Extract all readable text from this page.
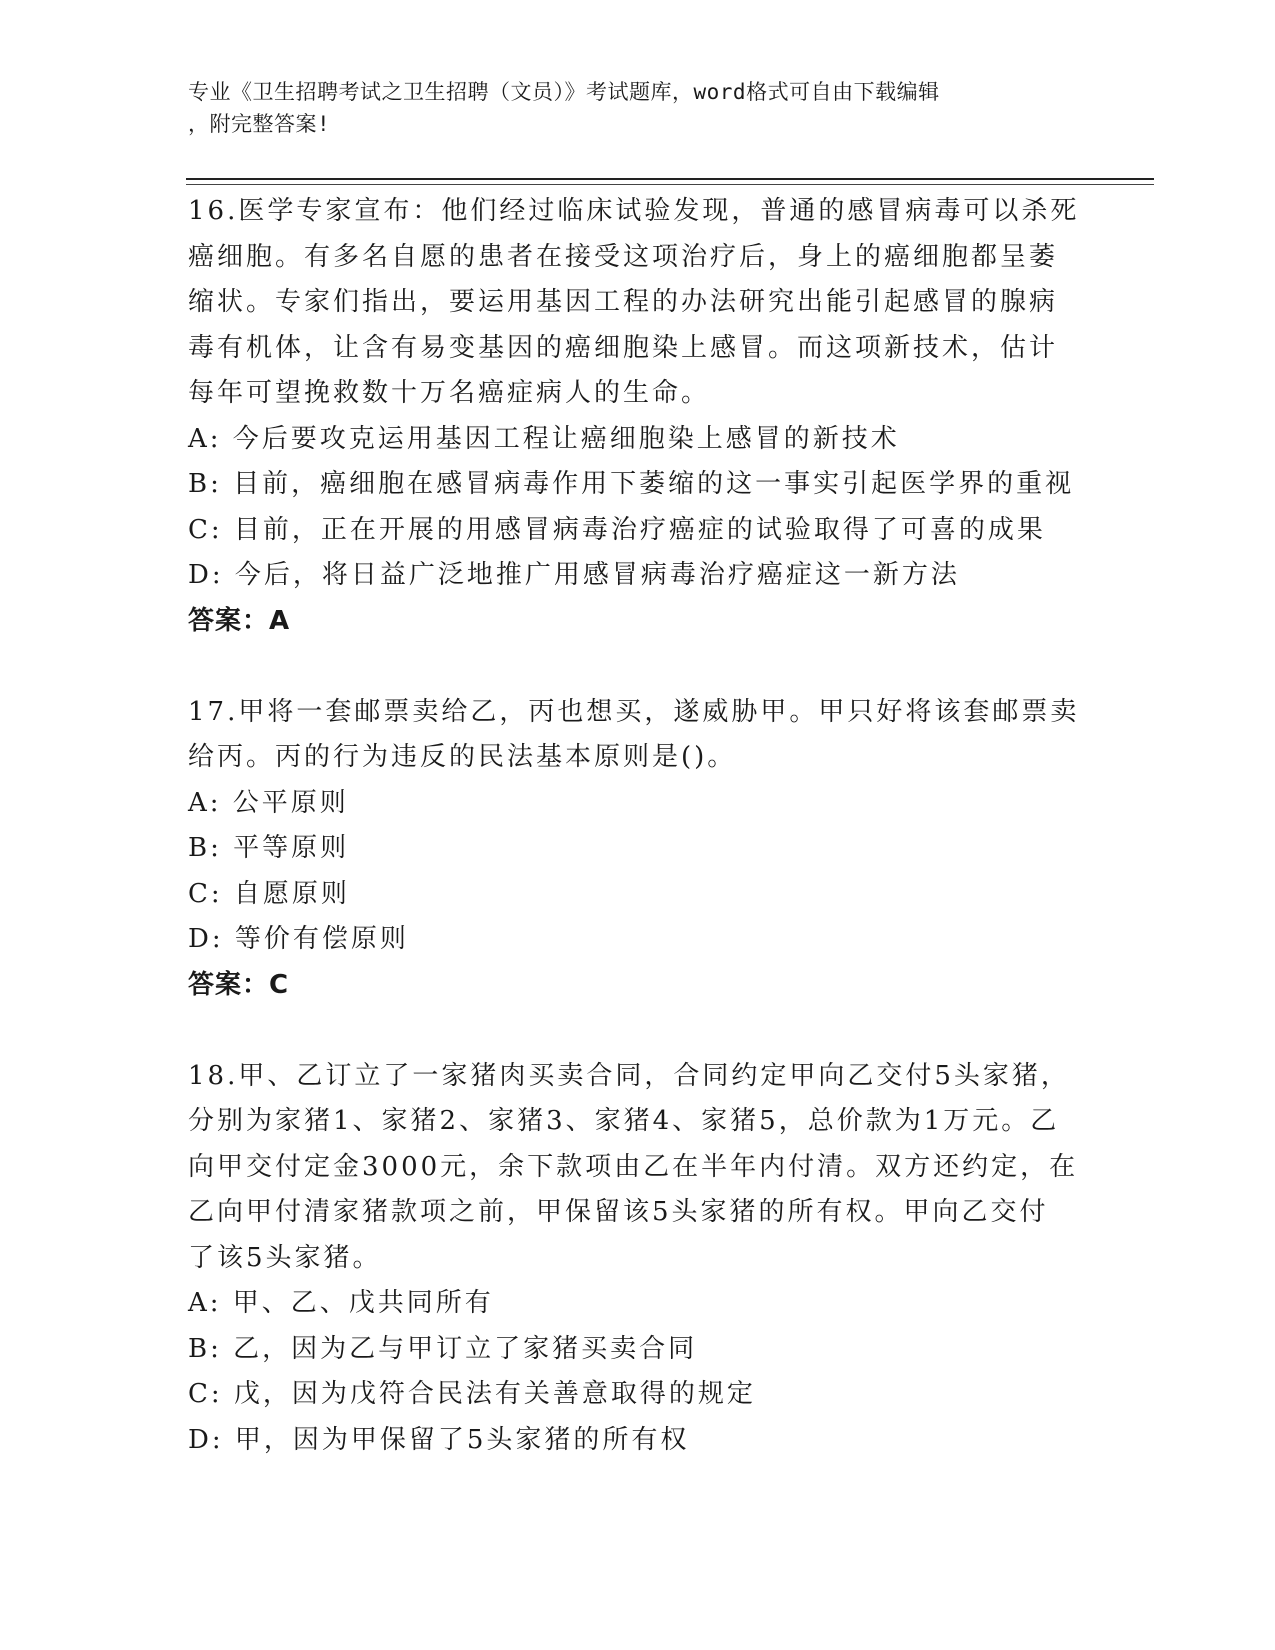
专业《卫生招聘考试之卫生招聘（文员）》考试题库，word格式可自由下载编辑
，附完整答案!
16.医学专家宣布：他们经过临床试验发现，普通的感冒病毒可以杀死
癌细胞。有多名自愿的患者在接受这项治疗后，身上的癌细胞都呈萎
缩状。专家们指出，要运用基因工程的办法研究出能引起感冒的腺病
毒有机体，让含有易变基因的癌细胞染上感冒。而这项新技术，估计
每年可望挽救数十万名癌症病人的生命。
A: 今后要攻克运用基因工程让癌细胞染上感冒的新技术
B: 目前，癌细胞在感冒病毒作用下萎缩的这一事实引起医学界的重视
C: 目前，正在开展的用感冒病毒治疗癌症的试验取得了可喜的成果
D: 今后，将日益广泛地推广用感冒病毒治疗癌症这一新方法
答案：A
17.甲将一套邮票卖给乙，丙也想买，遂威胁甲。甲只好将该套邮票卖
给丙。丙的行为违反的民法基本原则是()。
A: 公平原则
B: 平等原则
C: 自愿原则
D: 等价有偿原则
答案：C
18.甲、乙订立了一家猪肉买卖合同，合同约定甲向乙交付5头家猪，
分别为家猪1、家猪2、家猪3、家猪4、家猪5，总价款为1万元。乙
向甲交付定金3000元，余下款项由乙在半年内付清。双方还约定，在
乙向甲付清家猪款项之前，甲保留该5头家猪的所有权。甲向乙交付
了该5头家猪。
A: 甲、乙、戊共同所有
B: 乙，因为乙与甲订立了家猪买卖合同
C: 戊，因为戊符合民法有关善意取得的规定
D: 甲，因为甲保留了5头家猪的所有权
